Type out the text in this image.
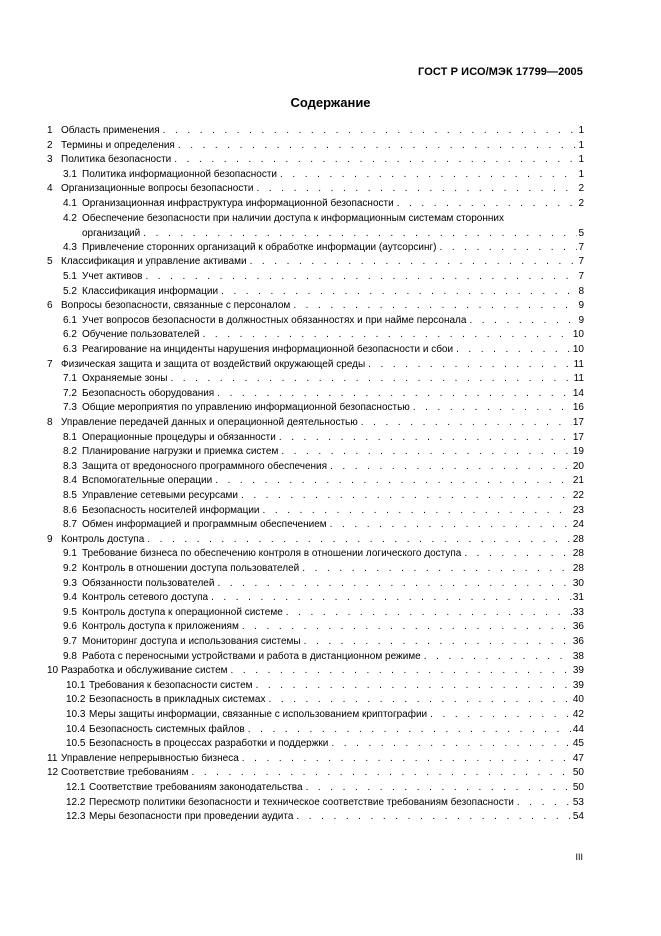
ГОСТ Р ИСО/МЭК 17799—2005
Содержание
1 Область применения . . .	1
2 Термины и определения . . .	1
3 Политика безопасности . . .	1
3.1 Политика информационной безопасности . . .	1
4 Организационные вопросы безопасности . . .	2
4.1 Организационная инфраструктура информационной безопасности . . .	2
4.2 Обеспечение безопасности при наличии доступа к информационным системам сторонних
организаций . . .	5
4.3 Привлечение сторонних организаций к обработке информации (аутсорсинг) . . .	7
5 Классификация и управление активами . . .	7
5.1 Учет активов . . .	7
5.2 Классификация информации . . .	8
6 Вопросы безопасности, связанные с персоналом . . .	9
6.1 Учет вопросов безопасности в должностных обязанностях и при найме персонала . . .	9
6.2 Обучение пользователей . . .	10
6.3 Реагирование на инциденты нарушения информационной безопасности и сбои . . .	10
7 Физическая защита и защита от воздействий окружающей среды . . .	11
7.1 Охраняемые зоны . . .	11
7.2 Безопасность оборудования . . .	14
7.3 Общие мероприятия по управлению информационной безопасностью . . .	16
8 Управление передачей данных и операционной деятельностью . . .	17
8.1 Операционные процедуры и обязанности . . .	17
8.2 Планирование нагрузки и приемка систем . . .	19
8.3 Защита от вредоносного программного обеспечения . . .	20
8.4 Вспомогательные операции . . .	21
8.5 Управление сетевыми ресурсами . . .	22
8.6 Безопасность носителей информации . . .	23
8.7 Обмен информацией и программным обеспечением . . .	24
9 Контроль доступа . . .	28
9.1 Требование бизнеса по обеспечению контроля в отношении логического доступа . . .	28
9.2 Контроль в отношении доступа пользователей . . .	28
9.3 Обязанности пользователей . . .	30
9.4 Контроль сетевого доступа . . .	31
9.5 Контроль доступа к операционной системе . . .	33
9.6 Контроль доступа к приложениям . . .	36
9.7 Мониторинг доступа и использования системы . . .	36
9.8 Работа с переносными устройствами и работа в дистанционном режиме . . .	38
10 Разработка и обслуживание систем . . .	39
10.1 Требования к безопасности систем . . .	39
10.2 Безопасность в прикладных системах . . .	40
10.3 Меры защиты информации, связанные с использованием криптографии . . .	42
10.4 Безопасность системных файлов . . .	44
10.5 Безопасность в процессах разработки и поддержки . . .	45
11 Управление непрерывностью бизнеса . . .	47
12 Соответствие требованиям . . .	50
12.1 Соответствие требованиям законодательства . . .	50
12.2 Пересмотр политики безопасности и техническое соответствие требованиям безопасности . . .	53
12.3 Меры безопасности при проведении аудита . . .	54
III
